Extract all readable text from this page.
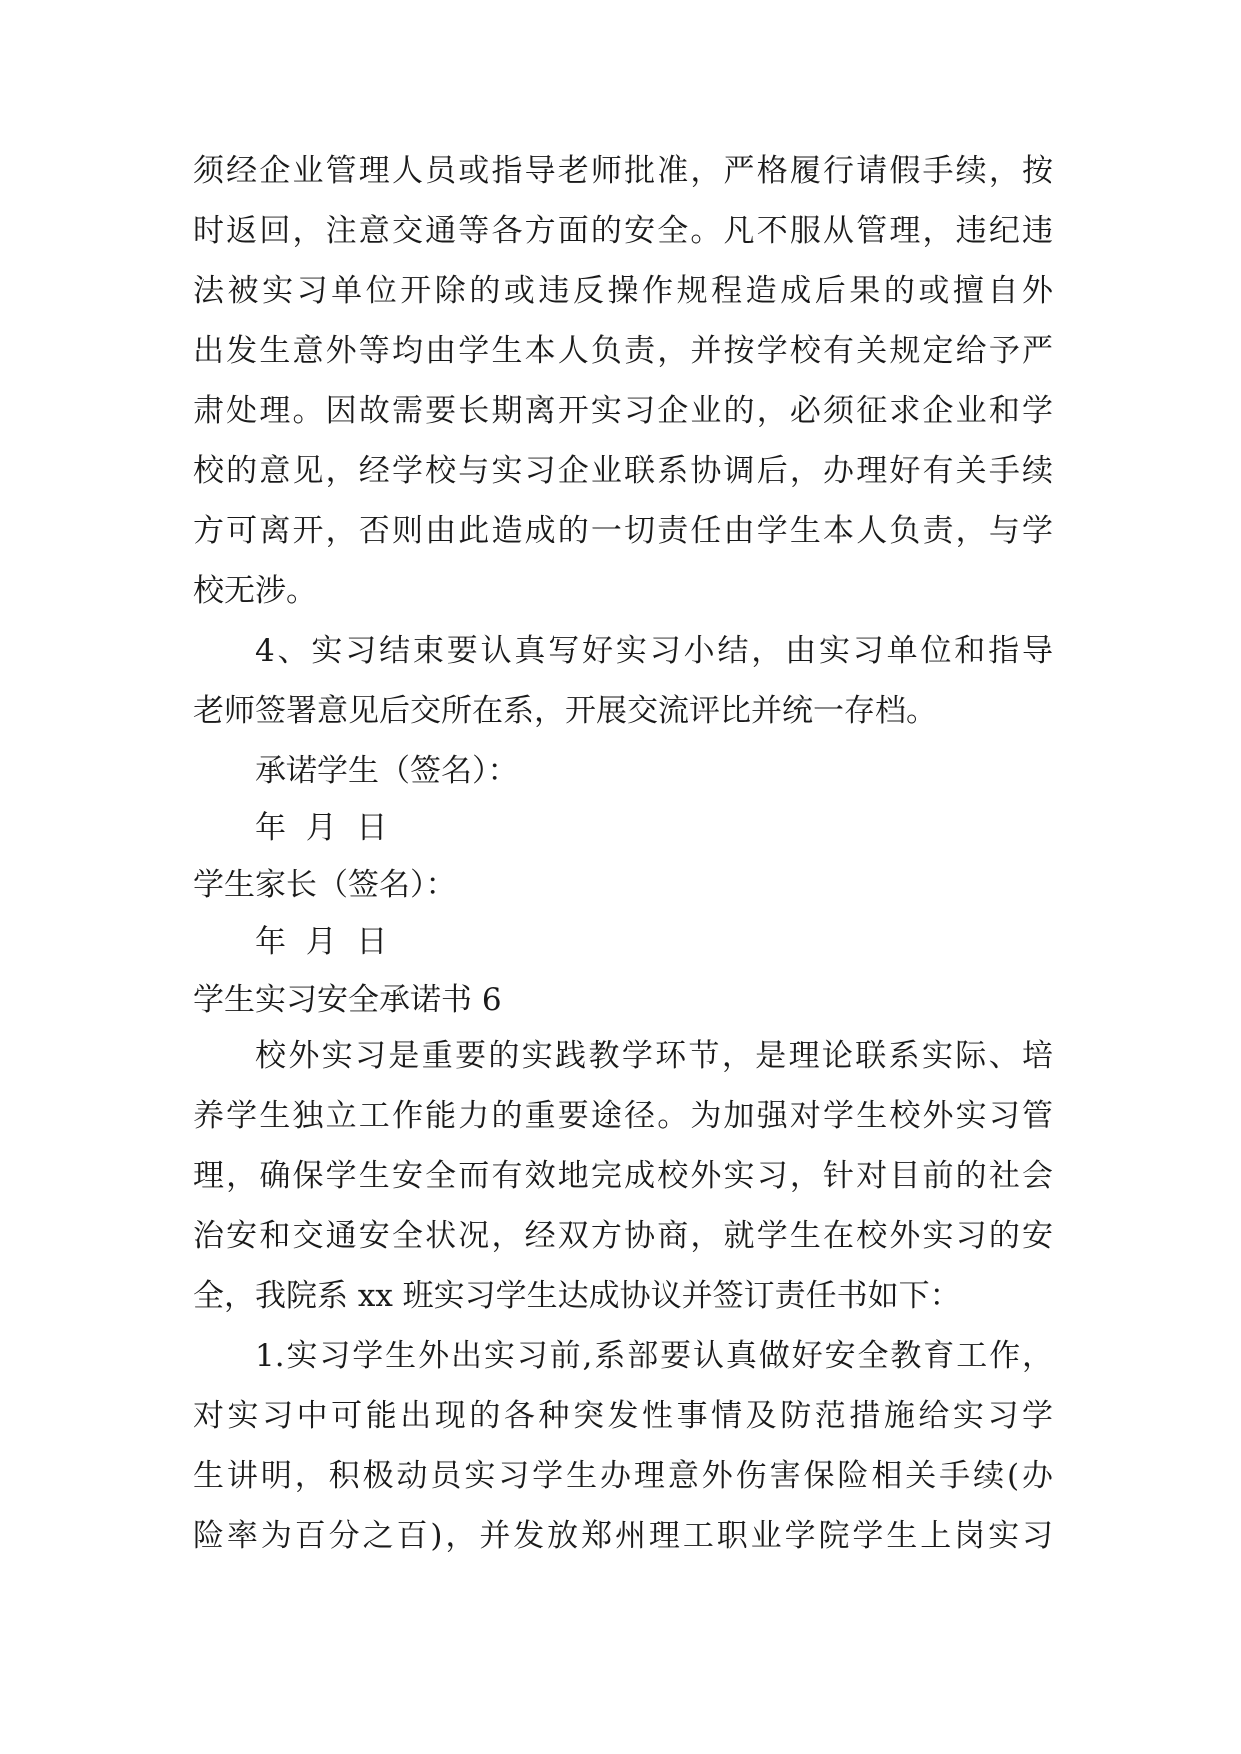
须经企业管理人员或指导老师批准，严格履行请假手续，按
时返回，注意交通等各方面的安全。凡不服从管理，违纪违
法被实习单位开除的或违反操作规程造成后果的或擅自外
出发生意外等均由学生本人负责，并按学校有关规定给予严
肃处理。因故需要长期离开实习企业的，必须征求企业和学
校的意见，经学校与实习企业联系协调后，办理好有关手续
方可离开，否则由此造成的一切责任由学生本人负责，与学
校无涉。
4、实习结束要认真写好实习小结，由实习单位和指导
老师签署意见后交所在系，开展交流评比并统一存档。
承诺学生（签名）：
年  月  日
学生家长（签名）：
年  月  日
学生实习安全承诺书 6
校外实习是重要的实践教学环节，是理论联系实际、培
养学生独立工作能力的重要途径。为加强对学生校外实习管
理，确保学生安全而有效地完成校外实习，针对目前的社会
治安和交通安全状况，经双方协商，就学生在校外实习的安
全，我院系 xx 班实习学生达成协议并签订责任书如下：
1.实习学生外出实习前,系部要认真做好安全教育工作，
对实习中可能出现的各种突发性事情及防范措施给实习学
生讲明，积极动员实习学生办理意外伤害保险相关手续(办
险率为百分之百)，并发放郑州理工职业学院学生上岗实习
